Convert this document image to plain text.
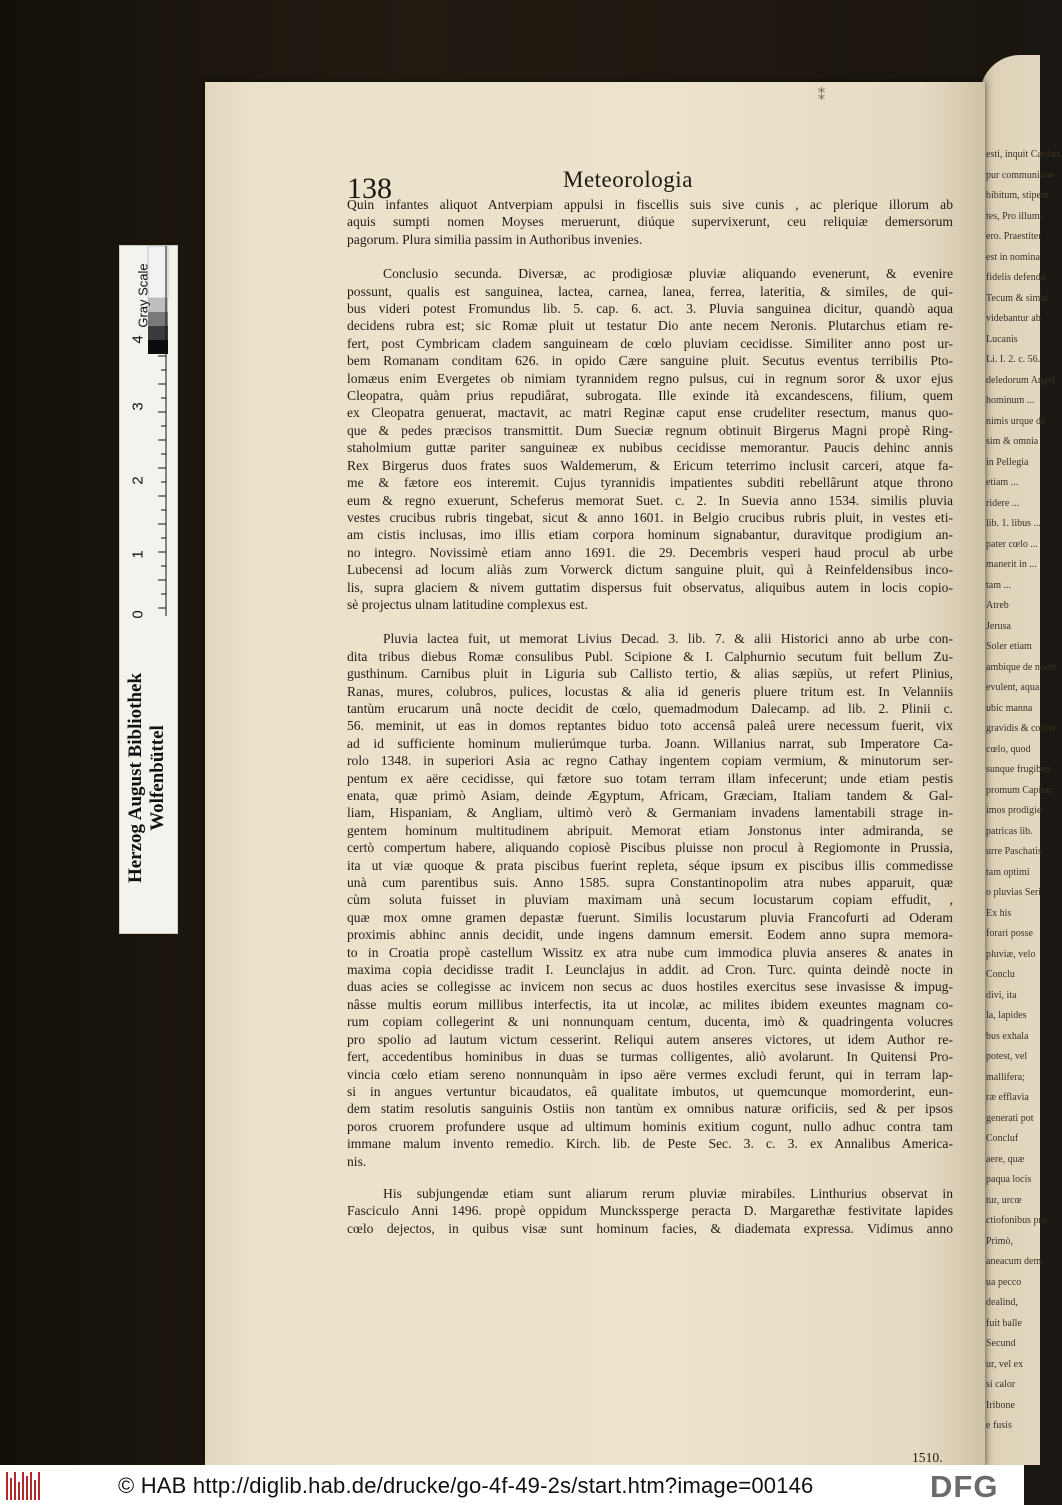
esti, inquit Cardan.
pur communione
bibitum, stipem
tes, Pro illum.
ero. Praestiter
est in nomina
fidelis defendit
Tecum & simul
videbantur ab
Lucanis
Li. I. 2. c. 56.
deledorum Angel
hominum ...
nimis urque de
sim & omnia
in Pellegia
etiam ...
ridere ...
lib. 1. libus ...
pater cœlo ...
manerit in ...
tam ...
Atreb
Jerusa
Soler etiam
ambique de nocte
evulent, aqua
ubic manna
gravidis & colore
cœlo, quod
sunque frugibus
promum Capitar
imos prodigie
patricas lib.
urre Paschatis
tam optimi
o pluvias Seri
Ex his
forari posse
pluviæ, velo
Conclu
divi, ita
la, lapides
bus exhala
potest, vel
mallifera;
ræ efflavia
generati pot
Concluf
aere, quæ
paqua locis
tur, urcœ
ctiofonibus pro
Primò,
aneacum dem
ua pecco
dealind,
fuit balle
Secund
ur, vel ex
si calor
Iribone
e fusis
⁑
138	Meteorologia
Quin infantes aliquot Antverpiam appulsi in fiscellis suis sive cunis , ac plerique illorum ab
aquis sumpti nomen Moyses meruerunt, diúque supervixerunt, ceu reliquiæ demersorum
pagorum. Plura similia passim in Authoribus invenies.
Conclusio secunda. Diversæ, ac prodigiosæ pluviæ aliquando evenerunt, & evenire
possunt, qualis est sanguinea, lactea, carnea, lanea, ferrea, lateritia, & similes, de qui-
bus videri potest Fromundus lib. 5. cap. 6. act. 3. Pluvia sanguinea dicitur, quandò aqua
decidens rubra est; sic Romæ pluit ut testatur Dio ante necem Neronis. Plutarchus etiam re-
fert, post Cymbricam cladem sanguineam de cœlo pluviam cecidisse. Similiter anno post ur-
bem Romanam conditam 626. in opido Cære sanguine pluit. Secutus eventus terribilis Pto-
lomæus enim Evergetes ob nimiam tyrannidem regno pulsus, cui in regnum soror & uxor ejus
Cleopatra, quàm prius repudiârat, subrogata. Ille exinde ità excandescens, filium, quem
ex Cleopatra genuerat, mactavit, ac matri Reginæ caput ense crudeliter resectum, manus quo-
que & pedes præcisos transmittit. Dum Sueciæ regnum obtinuit Birgerus Magni propè Ring-
staholmium guttæ pariter sanguineæ ex nubibus cecidisse memorantur. Paucis dehinc annis
Rex Birgerus duos frates suos Waldemerum, & Ericum teterrimo inclusit carceri, atque fa-
me & fætore eos interemit. Cujus tyrannidis impatientes subditi rebellârunt atque throno
eum & regno exuerunt, Scheferus memorat Suet. c. 2. In Suevia anno 1534. similis pluvia
vestes crucibus rubris tingebat, sicut & anno 1601. in Belgio crucibus rubris pluit, in vestes eti-
am cistis inclusas, imo illis etiam corpora hominum signabantur, duravitque prodigium an-
no integro. Novissimè etiam anno 1691. die 29. Decembris vesperi haud procul ab urbe
Lubecensi ad locum aliàs zum Vorwerck dictum sanguine pluit, quì à Reinfeldensibus inco-
lis, supra glaciem & nivem guttatim dispersus fuit observatus, aliquibus autem in locis copio-
sè projectus ulnam latitudine complexus est.
Pluvia lactea fuit, ut memorat Livius Decad. 3. lib. 7. & alii Historici anno ab urbe con-
dita tribus diebus Romæ consulibus Publ. Scipione & I. Calphurnio secutum fuit bellum Zu-
gusthinum. Carnibus pluit in Liguria sub Callisto tertio, & alias sæpiùs, ut refert Plinius,
Ranas, mures, colubros, pulices, locustas & alia id generis pluere tritum est. In Velanniis
tantùm erucarum unâ nocte decidit de cœlo, quemadmodum Dalecamp. ad lib. 2. Plinii c.
56. meminit, ut eas in domos reptantes biduo toto accensâ paleâ urere necessum fuerit, vix
ad id sufficiente hominum mulierúmque turba. Joann. Willanius narrat, sub Imperatore Ca-
rolo 1348. in superiori Asia ac regno Cathay ingentem copiam vermium, & minutorum ser-
pentum ex aëre cecidisse, qui fætore suo totam terram illam infecerunt; unde etiam pestis
enata, quæ primò Asiam, deinde Ægyptum, Africam, Græciam, Italiam tandem & Gal-
liam, Hispaniam, & Angliam, ultimò verò & Germaniam invadens lamentabili strage in-
gentem hominum multitudinem abripuit. Memorat etiam Jonstonus inter admiranda, se
certò compertum habere, aliquando copiosè Piscibus pluisse non procul à Regiomonte in Prussia,
ita ut viæ quoque & prata piscibus fuerint repleta, séque ipsum ex piscibus illis commedisse
unà cum parentibus suis. Anno 1585. supra Constantinopolim atra nubes apparuit, quæ
cùm soluta fuisset in pluviam maximam unà secum locustarum copiam effudit, ,
quæ mox omne gramen depastæ fuerunt. Similis locustarum pluvia Francofurti ad Oderam
proximis abhinc annis decidit, unde ingens damnum emersit. Eodem anno supra memora-
to in Croatia propè castellum Wissitz ex atra nube cum immodica pluvia anseres & anates in
maxima copia decidisse tradit I. Leunclajus in addit. ad Cron. Turc. quinta deindè nocte in
duas acies se collegisse ac invicem non secus ac duos hostiles exercitus sese invasisse & impug-
nâsse multis eorum millibus interfectis, ita ut incolæ, ac milites ibidem exeuntes magnam co-
rum copiam collegerint & uni nonnunquam centum, ducenta, imò & quadringenta volucres
pro spolio ad lautum victum cesserint. Reliqui autem anseres victores, ut idem Author re-
fert, accedentibus hominibus in duas se turmas colligentes, aliò avolarunt. In Quitensi Pro-
vincia cœlo etiam sereno nonnunquàm in ipso aëre vermes excludi ferunt, qui in terram lap-
si in angues vertuntur bicaudatos, eâ qualitate imbutos, ut quemcunque momorderint, eun-
dem statim resolutis sanguinis Ostiis non tantùm ex omnibus naturæ orificiis, sed & per ipsos
poros cruorem profundere usque ad ultimum hominis exitium cogunt, nullo adhuc contra tam
immane malum invento remedio. Kirch. lib. de Peste Sec. 3. c. 3. ex Annalibus America-
nis.
His subjungendæ etiam sunt aliarum rerum pluviæ mirabiles. Linthurius observat in
Fasciculo Anni 1496. propè oppidum Munckssperge peracta D. Margarethæ festivitate lapides
cœlo dejectos, in quibus visæ sunt hominum facies, & diademata expressa. Vidimus anno
1510.
Gray Scale
4
3
2
1
0
Herzog August Bibliothek Wolfenbüttel
© HAB http://diglib.hab.de/drucke/go-4f-49-2s/start.htm?image=00146	DFG
